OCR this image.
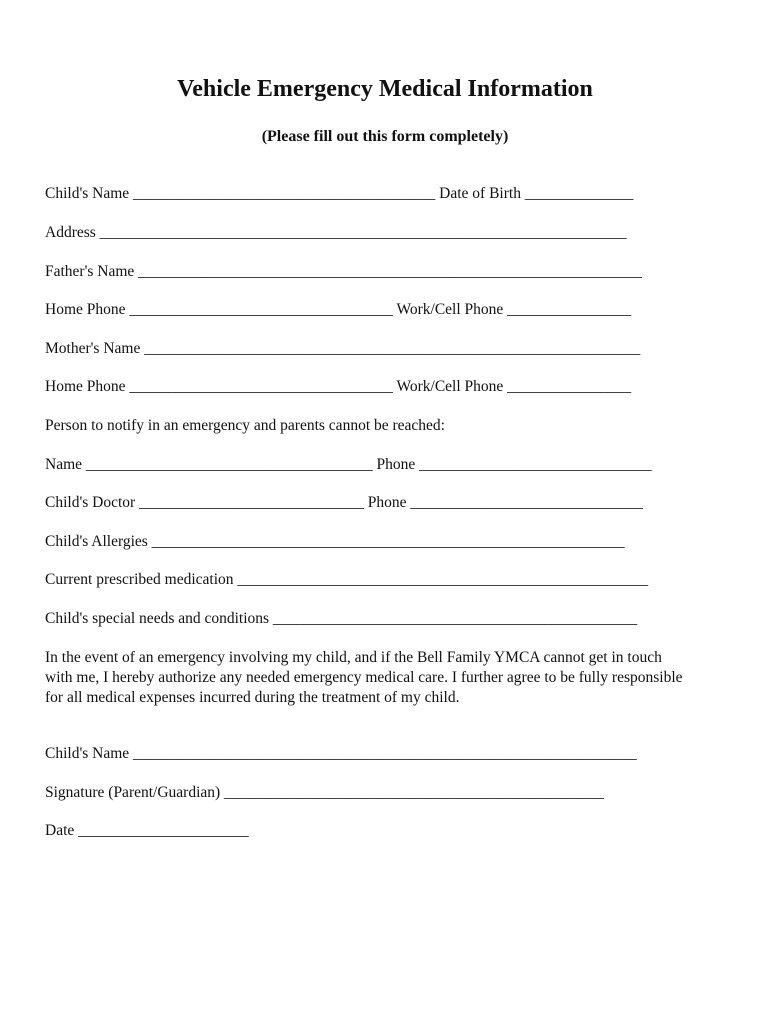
Vehicle Emergency Medical Information
(Please fill out this form completely)
Child's Name _______________________________________ Date of Birth ______________
Address ____________________________________________________________________
Father's Name _________________________________________________________________
Home Phone __________________________________ Work/Cell Phone ________________
Mother's Name ________________________________________________________________
Home Phone __________________________________ Work/Cell Phone ________________
Person to notify in an emergency and parents cannot be reached:
Name _____________________________________ Phone ______________________________
Child's Doctor _____________________________ Phone ______________________________
Child's Allergies _____________________________________________________________
Current prescribed medication _____________________________________________________
Child's special needs and conditions _______________________________________________
In the event of an emergency involving my child, and if the Bell Family YMCA cannot get in touch
with me, I hereby authorize any needed emergency medical care. I further agree to be fully responsible
for all medical expenses incurred during the treatment of my child.
Child's Name _________________________________________________________________
Signature (Parent/Guardian) _________________________________________________
Date ______________________
